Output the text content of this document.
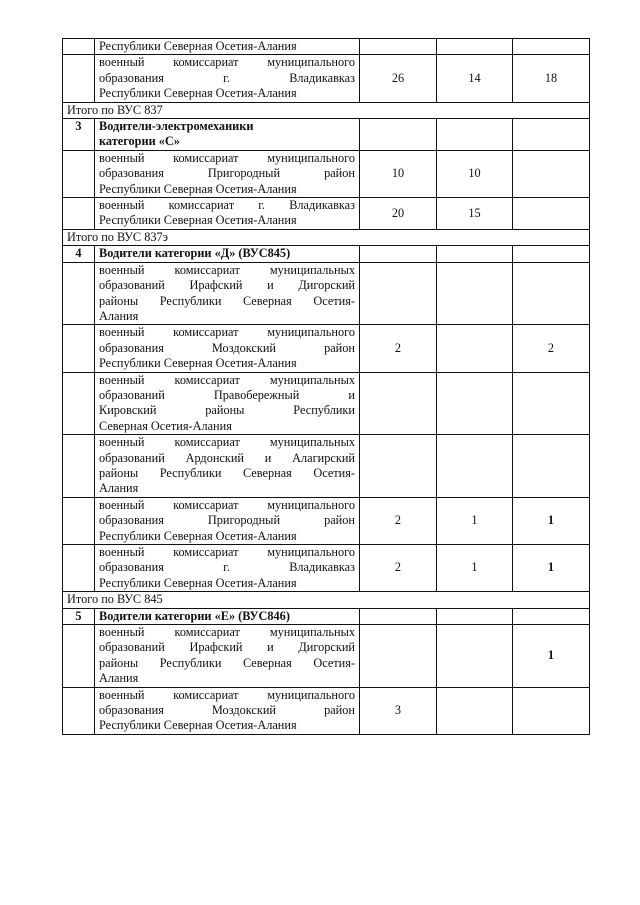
	Республики Северная Осетия-Алания			

	военный комиссариат муниципального
образования г. Владикавказ
Республики Северная Осетия-Алания	26	14	18
Итого по ВУС 837				
3	Водители-электромеханики
категории «С»			

	военный комиссариат муниципального
образования Пригородный район
Республики Северная Осетия-Алания	10	10	

	военный комиссариат г. Владикавказ
Республики Северная Осетия-Алания	20	15	
Итого по ВУС 837э				
4	Водители категории «Д» (ВУС845)			

	военный комиссариат муниципальных
образований Ирафский и Дигорский
районы Республики Северная Осетия-
Алания			

	военный комиссариат муниципального
образования Моздокский район
Республики Северная Осетия-Алания	2		2

	военный комиссариат муниципальных
образований Правобережный и
Кировский районы Республики
Северная Осетия-Алания			

	военный комиссариат муниципальных
образований Ардонский и Алагирский
районы Республики Северная Осетия-
Алания			

	военный комиссариат муниципального
образования Пригородный район
Республики Северная Осетия-Алания	2	1	1

	военный комиссариат муниципального
образования г. Владикавказ
Республики Северная Осетия-Алания	2	1	1
Итого по ВУС 845				
5	Водители категории «Е» (ВУС846)			

	военный комиссариат муниципальных
образований Ирафский и Дигорский
районы Республики Северная Осетия-
Алания			1

	военный комиссариат муниципального
образования Моздокский район
Республики Северная Осетия-Алания	3		
